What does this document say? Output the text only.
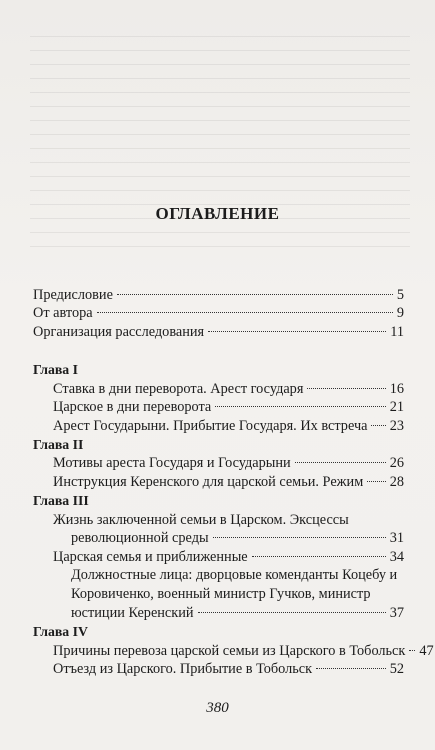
ОГЛАВЛЕНИЕ
Предисловие	5
От автора	9
Организация расследования	11
Глава I
Ставка в дни переворота. Арест государя	16
Царское в дни переворота	21
Арест Государыни. Прибытие Государя. Их встреча 23
Глава II
Мотивы ареста Государя и Государыни	26
Инструкция Керенского для царской семьи. Режим 28
Глава III
Жизнь заключенной семьи в Царском. Эксцессы
революционной среды	31
Царская семья и приближенные	34
Должностные лица: дворцовые коменданты Коцебу и
Коровиченко, военный министр Гучков, министр
юстиции Керенский	37
Глава IV
Причины перевоза царской семьи из Царского в Тобольск 47
Отъезд из Царского. Прибытие в Тобольск	52
380
